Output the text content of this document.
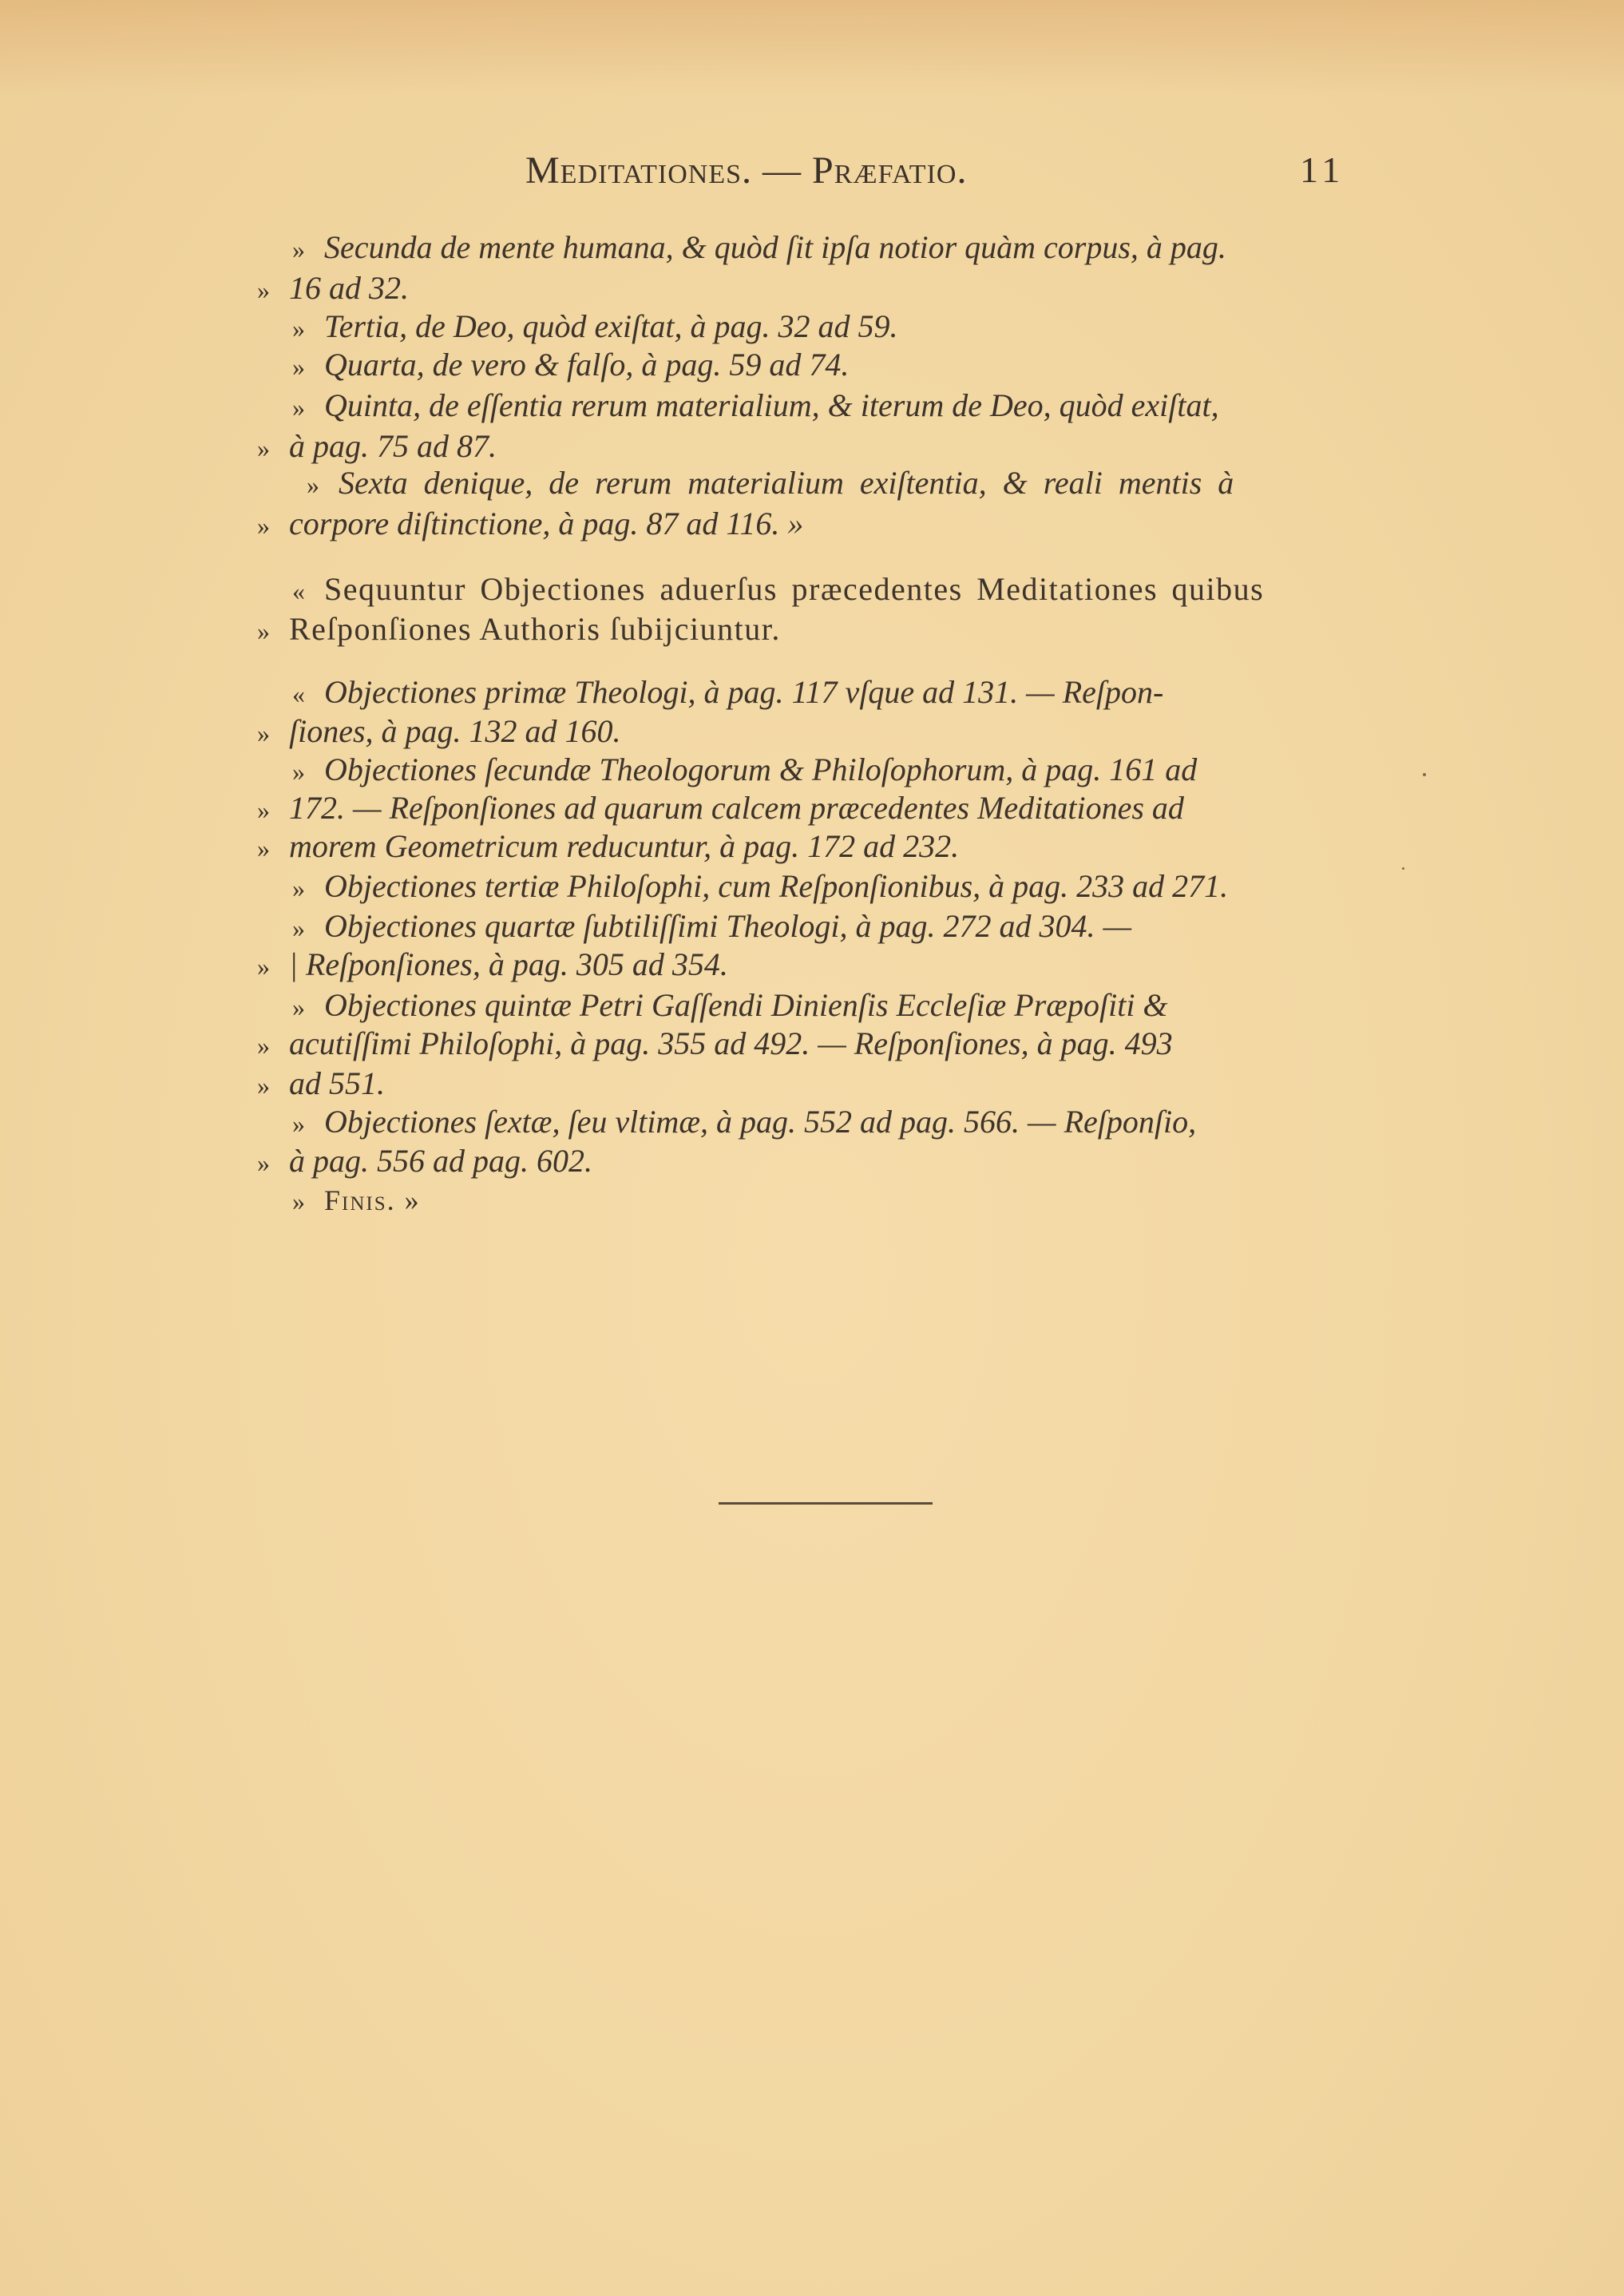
Meditationes. — Præfatio.	11
» Secunda de mente humana, & quòd ſit ipſa notior quàm corpus, à pag.
» 16 ad 32.
» Tertia, de Deo, quòd exiſtat, à pag. 32 ad 59.
» Quarta, de vero & falſo, à pag. 59 ad 74.
» Quinta, de eſſentia rerum materialium, & iterum de Deo, quòd exiſtat,
» à pag. 75 ad 87.
» Sexta denique, de rerum materialium exiſtentia, & reali mentis à
» corpore diſtinctione, à pag. 87 ad 116. »
« Sequuntur Objectiones aduerſus præcedentes Meditationes quibus
» Reſponſiones Authoris ſubijciuntur.
« Objectiones primæ Theologi, à pag. 117 vſque ad 131. — Reſpon-
» ſiones, à pag. 132 ad 160.
» Objectiones ſecundæ Theologorum & Philoſophorum, à pag. 161 ad
» 172. — Reſponſiones ad quarum calcem præcedentes Meditationes ad
» morem Geometricum reducuntur, à pag. 172 ad 232.
» Objectiones tertiæ Philoſophi, cum Reſponſionibus, à pag. 233 ad 271.
» Objectiones quartæ ſubtiliſſimi Theologi, à pag. 272 ad 304. —
» | Reſponſiones, à pag. 305 ad 354.
» Objectiones quintæ Petri Gaſſendi Dinienſis Eccleſiæ Præpoſiti &
» acutiſſimi Philoſophi, à pag. 355 ad 492. — Reſponſiones, à pag. 493
» ad 551.
» Objectiones ſextæ, ſeu vltimæ, à pag. 552 ad pag. 566. — Reſponſio,
» à pag. 556 ad pag. 602.
» Finis. »
